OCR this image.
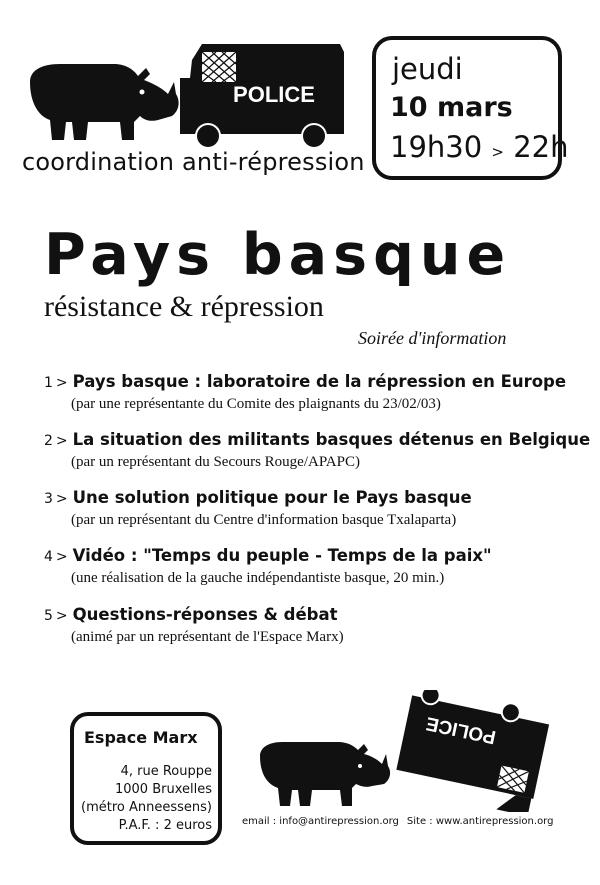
POLICE
coordination anti-répression
jeudi
10 mars
19h30 > 22h
Pays basque
résistance & répression
Soirée d'information
1 > Pays basque : laboratoire de la répression en Europe
(par une représentante du Comite des plaignants du 23/02/03)
2 > La situation des militants basques détenus en Belgique
(par un représentant du Secours Rouge/APAPC)
3 > Une solution politique pour le Pays basque
(par un représentant du Centre d'information basque Txalaparta)
4 > Vidéo : "Temps du peuple - Temps de la paix"
(une réalisation de la gauche indépendantiste basque, 20 min.)
5 > Questions-réponses & débat
(animé par un représentant de l'Espace Marx)
Espace Marx
4, rue Rouppe
1000 Bruxelles
(métro Anneessens)
P.A.F. : 2 euros
POLICE
email : info@antirepression.org Site : www.antirepression.org
